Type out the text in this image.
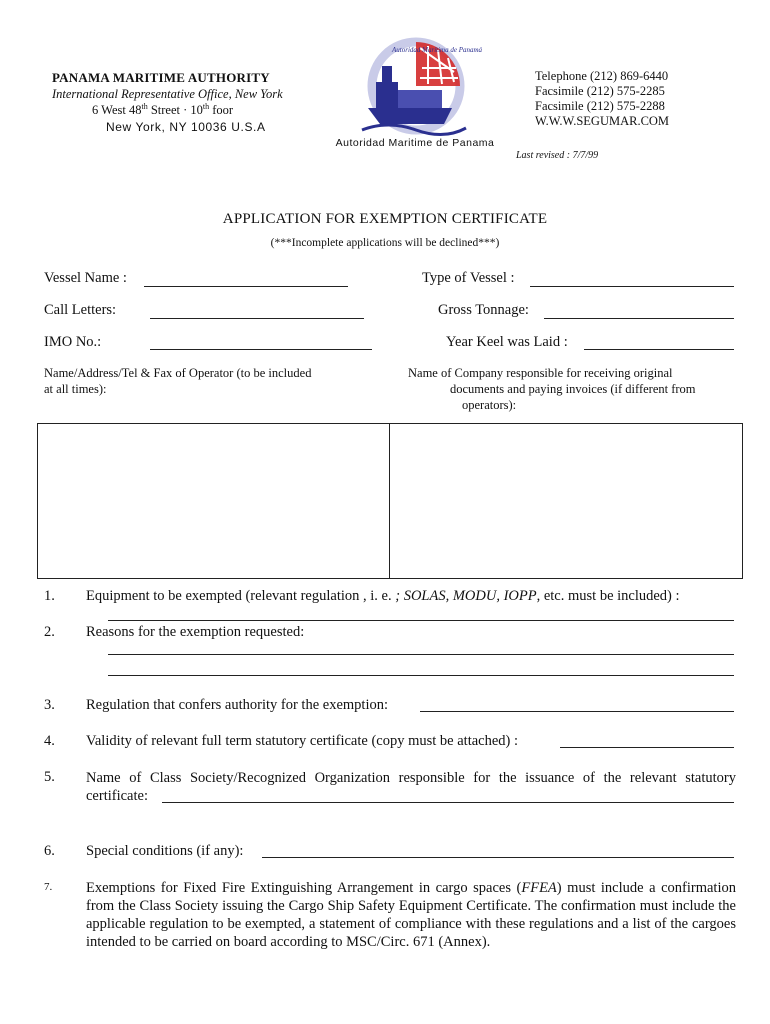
PANAMA MARITIME AUTHORITY
International Representative Office, New York
6 West 48th Street · 10th foor
New York, NY 10036 U.S.A
Autoridad Marítima de Panamá
Autoridad Maritime de Panama
Telephone (212) 869-6440
Facsimile (212) 575-2285
Facsimile (212) 575-2288
W.W.W.SEGUMAR.COM
Last revised : 7/7/99
APPLICATION FOR EXEMPTION CERTIFICATE
(***Incomplete applications will be declined***)
Vessel Name :	Type of Vessel :
Call Letters:	Gross Tonnage:
IMO No.:	Year Keel was Laid :
Name/Address/Tel & Fax of Operator (to be included
at all times):
Name of Company responsible for receiving original
documents and paying invoices (if different from
operators):
1. Equipment to be exempted (relevant regulation , i. e. ; SOLAS, MODU, IOPP, etc. must be included) :
2. Reasons for the exemption requested:
3. Regulation that confers authority for the exemption:
4. Validity of relevant full term statutory certificate (copy must be attached) :
5. Name of Class Society/Recognized Organization responsible for the issuance of the relevant statutory
certificate:
6. Special conditions (if any):
7. Exemptions for Fixed Fire Extinguishing Arrangement in cargo spaces (FFEA) must include a confirmation from the Class Society issuing the Cargo Ship Safety Equipment Certificate. The confirmation must include the applicable regulation to be exempted, a statement of compliance with these regulations and a list of the cargoes intended to be carried on board according to MSC/Circ. 671 (Annex).
